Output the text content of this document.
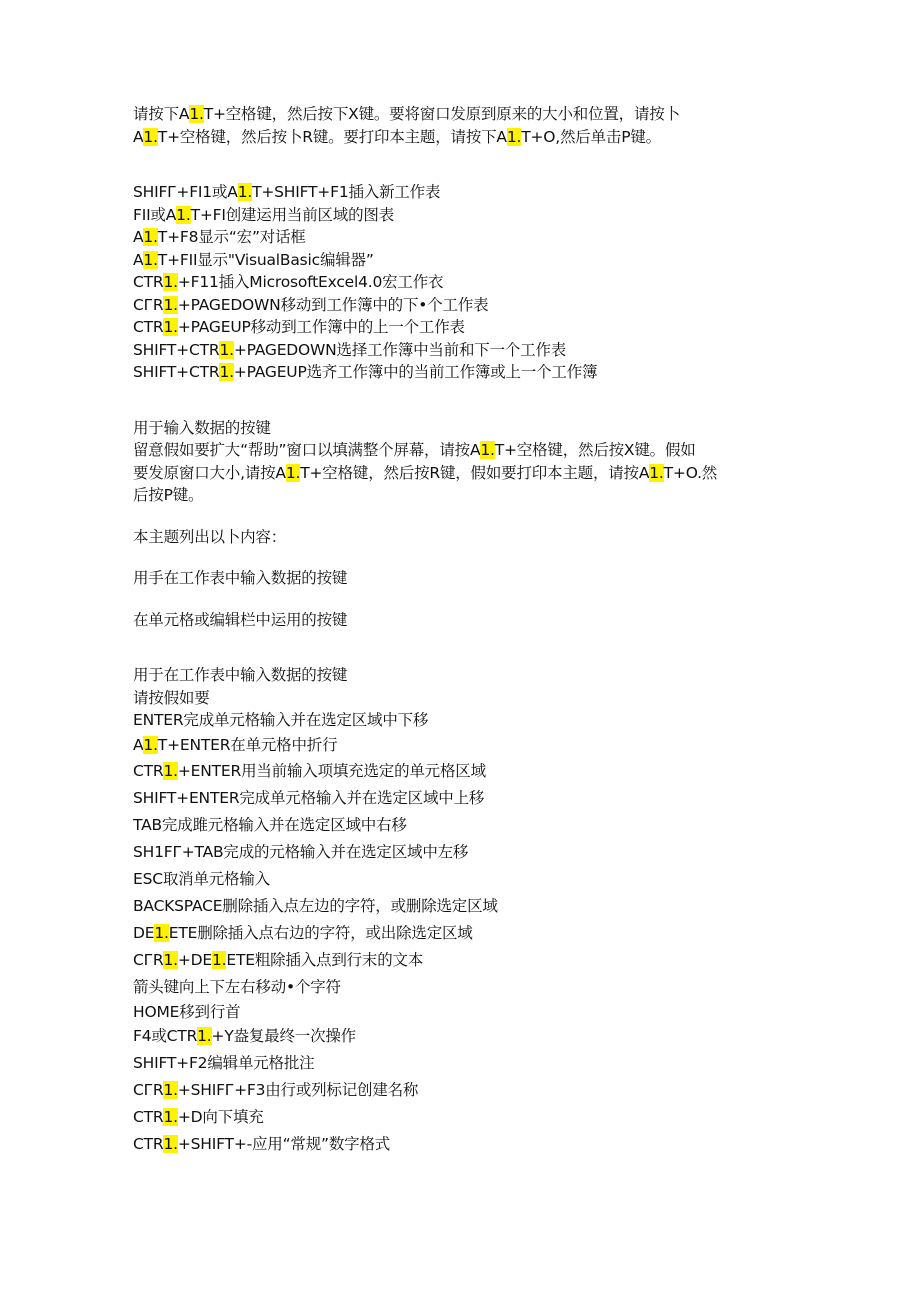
请按下A1.T+空格键，然后按下X键。要将窗口发原到原来的大小和位置，请按卜
A1.T+空格键，然后按卜R键。要打印本主题，请按下A1.T+O,然后单击P键。
SHIFГ+FI1或A1.T+SHIFT+F1插入新工作表
FII或A1.T+FI创建运用当前区域的图表
A1.T+F8显示“宏”对话框
A1.T+FII显示"VisualBasic编辑器”
CTR1.+F11插入MicrosoftExcel4.0宏工作衣
CГR1.+PAGEDOWN移动到工作簿中的下•个工作表
CTR1.+PAGEUP移动到工作簿中的上一个工作表
SHIFT+CTR1.+PAGEDOWN选择工作簿中当前和下一个工作表
SHIFT+CTR1.+PAGEUP选齐工作簿中的当前工作簿或上一个工作簿
用于输入数据的按键
留意假如要扩大“帮助”窗口以填满整个屏幕，请按A1.T+空格键，然后按X键。假如
要发原窗口大小,请按A1.T+空格键，然后按R键，假如要打印本主题，请按A1.T+O.然
后按P键。
本主题列出以卜内容：
用手在工作表中输入数据的按键
在单元格或编辑栏中运用的按键
用于在工作表中输入数据的按键
请按假如要
ENTER完成单元格输入并在选定区域中下移
A1.T+ENTER在单元格中折行
CTR1.+ENTER用当前输入项填充选定的单元格区域
SHIFT+ENTER完成单元格输入并在选定区域中上移
TAB完成雎元格输入并在选定区域中右移
SH1FГ+TAB完成的元格输入并在选定区域中左移
ESC取消单元格输入
BACKSPACE删除插入点左边的字符，或删除选定区域
DE1.ETE删除插入点右边的字符，或出除选定区域
CГR1.+DE1.ETE粗除插入点到行末的文本
箭头键向上下左右移动•个字符
HOME移到行首
F4或CTR1.+Y盎复最终一次操作
SHIFT+F2编辑单元格批注
CГR1.+SHIFГ+F3由行或列标记创建名称
CTR1.+D向下填充
CTR1.+SHIFT+-应用“常规”数字格式
